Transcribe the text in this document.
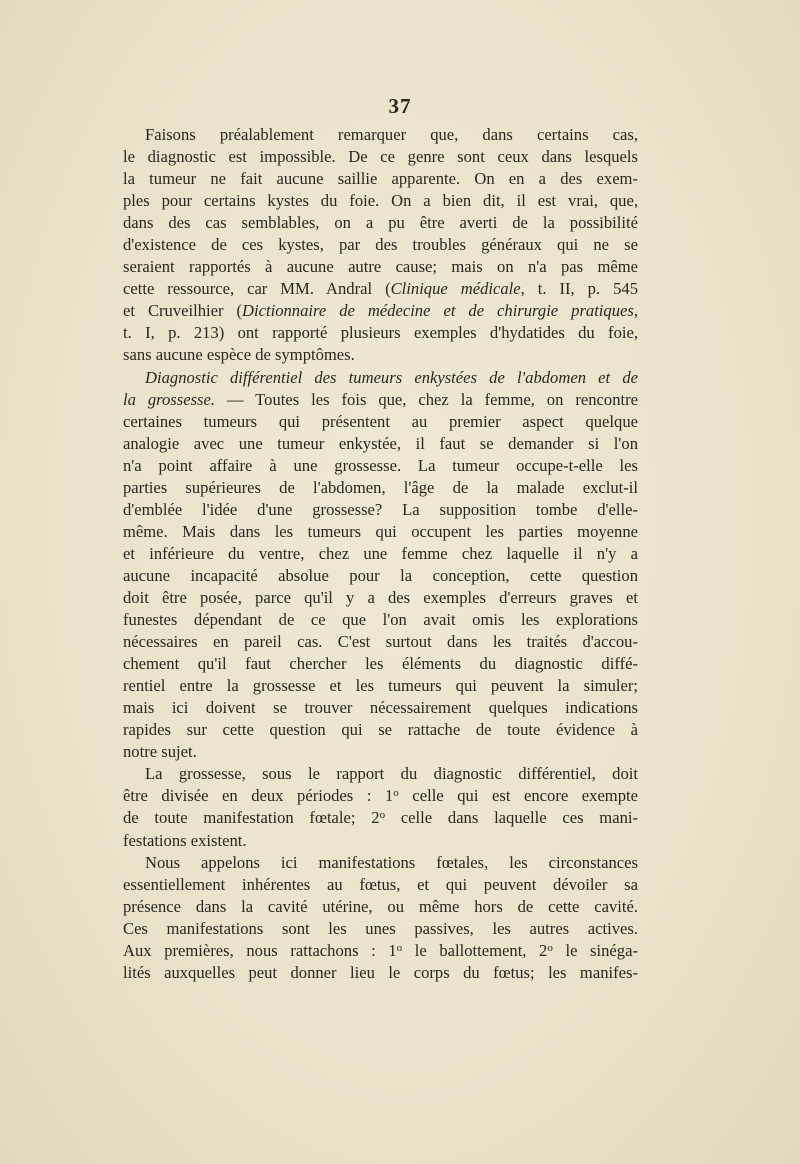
37
Faisons préalablement remarquer que, dans certains cas,
le diagnostic est impossible. De ce genre sont ceux dans lesquels
la tumeur ne fait aucune saillie apparente. On en a des exem-
ples pour certains kystes du foie. On a bien dit, il est vrai, que,
dans des cas semblables, on a pu être averti de la possibilité
d'existence de ces kystes, par des troubles généraux qui ne se
seraient rapportés à aucune autre cause; mais on n'a pas même
cette ressource, car MM. Andral (Clinique médicale, t. II, p. 545
et Cruveilhier (Dictionnaire de médecine et de chirurgie pratiques,
t. I, p. 213) ont rapporté plusieurs exemples d'hydatides du foie,
sans aucune espèce de symptômes.
Diagnostic différentiel des tumeurs enkystées de l'abdomen et de
la grossesse. — Toutes les fois que, chez la femme, on rencontre
certaines tumeurs qui présentent au premier aspect quelque
analogie avec une tumeur enkystée, il faut se demander si l'on
n'a point affaire à une grossesse. La tumeur occupe-t-elle les
parties supérieures de l'abdomen, l'âge de la malade exclut-il
d'emblée l'idée d'une grossesse? La supposition tombe d'elle-
même. Mais dans les tumeurs qui occupent les parties moyenne
et inférieure du ventre, chez une femme chez laquelle il n'y a
aucune incapacité absolue pour la conception, cette question
doit être posée, parce qu'il y a des exemples d'erreurs graves et
funestes dépendant de ce que l'on avait omis les explorations
nécessaires en pareil cas. C'est surtout dans les traités d'accou-
chement qu'il faut chercher les éléments du diagnostic diffé-
rentiel entre la grossesse et les tumeurs qui peuvent la simuler;
mais ici doivent se trouver nécessairement quelques indications
rapides sur cette question qui se rattache de toute évidence à
notre sujet.
La grossesse, sous le rapport du diagnostic différentiel, doit
être divisée en deux périodes : 1$^o$ celle qui est encore exempte
de toute manifestation fœtale; 2$^o$ celle dans laquelle ces mani-
festations existent.
Nous appelons ici manifestations fœtales, les circonstances
essentiellement inhérentes au fœtus, et qui peuvent dévoiler sa
présence dans la cavité utérine, ou même hors de cette cavité.
Ces manifestations sont les unes passives, les autres actives.
Aux premières, nous rattachons : 1$^o$ le ballottement, 2$^o$ le sinéga-
lités auxquelles peut donner lieu le corps du fœtus; les manifes-
